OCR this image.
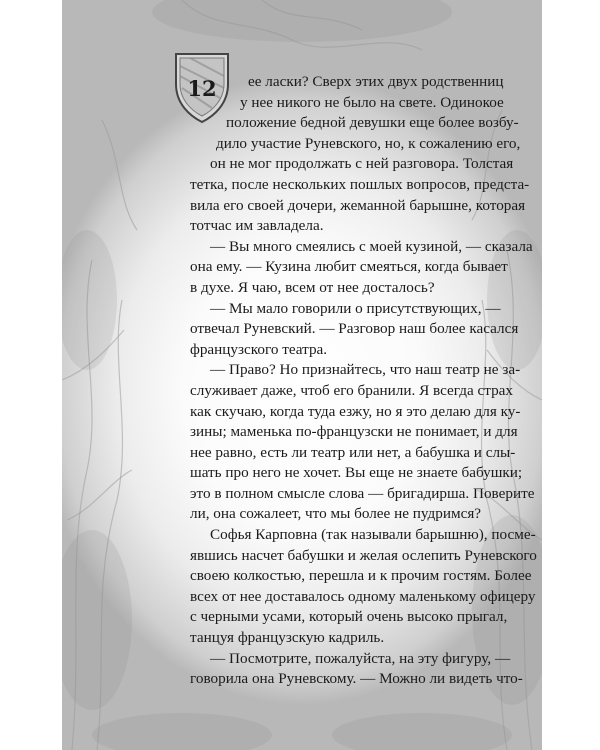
12	ее ласки? Сверх этих двух родственниц
у нее никого не было на свете. Одинокое
положение бедной девушки еще более возбу-
дило участие Руневского, но, к сожалению его,
он не мог продолжать с ней разговора. Толстая
тетка, после нескольких пошлых вопросов, предста-
вила его своей дочери, жеманной барышне, которая
тотчас им завладела.
— Вы много смеялись с моей кузиной, — сказала
она ему. — Кузина любит смеяться, когда бывает
в духе. Я чаю, всем от нее досталось?
— Мы мало говорили о присутствующих, —
отвечал Руневский. — Разговор наш более касался
французского театра.
— Право? Но признайтесь, что наш театр не за-
служивает даже, чтоб его бранили. Я всегда страх
как скучаю, когда туда езжу, но я это делаю для ку-
зины; маменька по-французски не понимает, и для
нее равно, есть ли театр или нет, а бабушка и слы-
шать про него не хочет. Вы еще не знаете бабушки;
это в полном смысле слова — бригадирша. Поверите
ли, она сожалеет, что мы более не пудримся?
Софья Карповна (так называли барышню), посме-
явшись насчет бабушки и желая ослепить Руневского
своею колкостью, перешла и к прочим гостям. Более
всех от нее доставалось одному маленькому офицеру
с черными усами, который очень высоко прыгал,
танцуя французскую кадриль.
— Посмотрите, пожалуйста, на эту фигуру, —
говорила она Руневскому. — Можно ли видеть что-
